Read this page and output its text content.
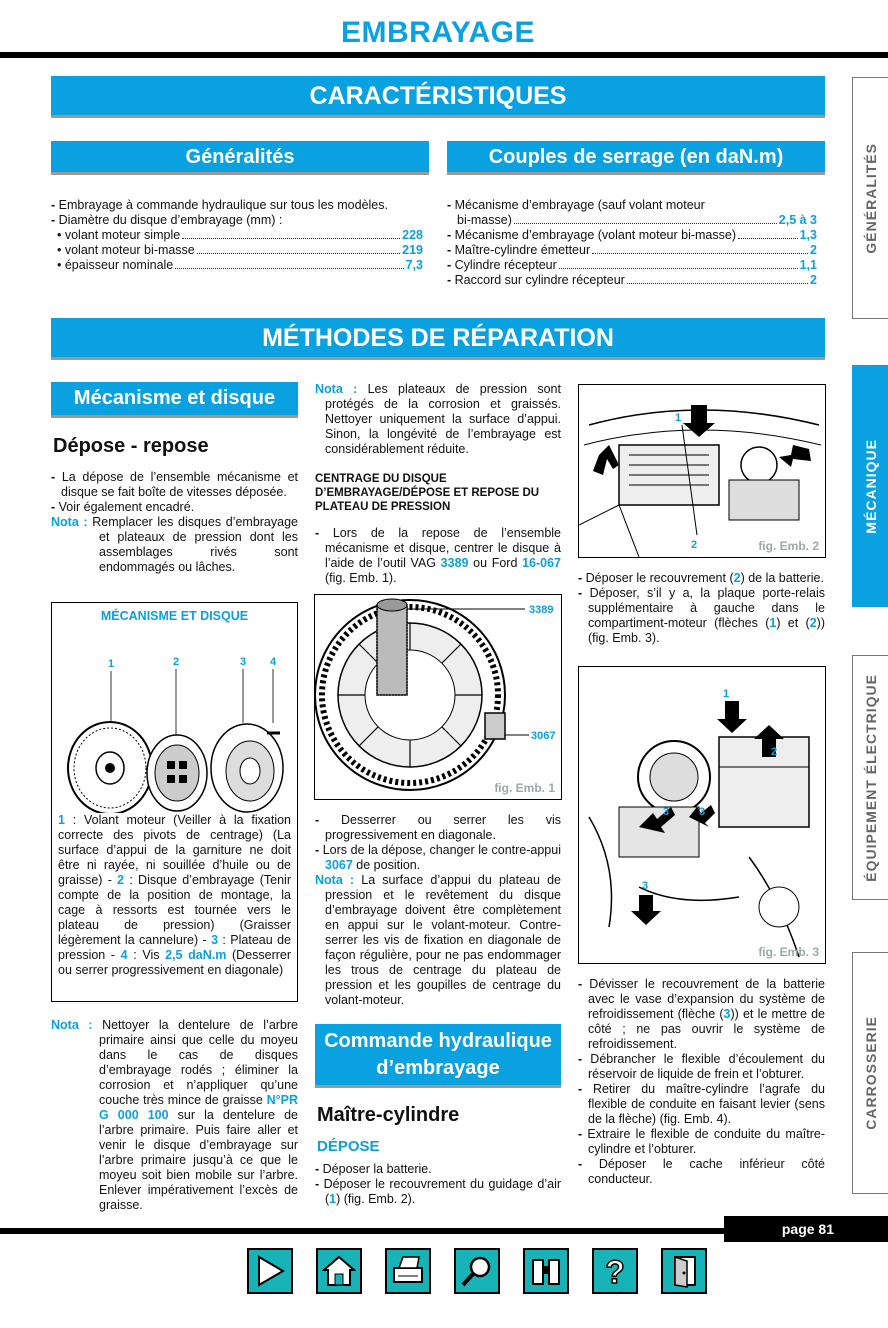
EMBRAYAGE
GÉNÉRALITÉS
MÉCANIQUE
ÉQUIPEMENT ÉLECTRIQUE
CARROSSERIE
CARACTÉRISTIQUES
Généralités	Couples de serrage (en daN.m)
- Embrayage à commande hydraulique sur tous les modèles.
- Diamètre du disque d’embrayage (mm) :
• volant moteur simple	228
• volant moteur bi-masse	219
• épaisseur nominale	7,3
- Mécanisme d’embrayage (sauf volant moteur
bi-masse)	2,5 à 3
- Mécanisme d’embrayage (volant moteur bi-masse)	1,3
- Maître-cylindre émetteur	2
- Cylindre récepteur	1,1
- Raccord sur cylindre récepteur	2
MÉTHODES DE RÉPARATION
Mécanisme et disque
Dépose - repose
- La dépose de l’ensemble mécanisme et disque se fait boîte de vitesses déposée.
- Voir également encadré.
Nota : Remplacer les disques d’embrayage et plateaux de pression dont les assemblages rivés sont endommagés ou lâches.
MÉCANISME ET DISQUE
1	2	3 4
1 : Volant moteur (Veiller à la fixation correcte des pivots de centrage) (La surface d’appui de la garniture ne doit être ni rayée, ni souillée d’huile ou de graisse) - 2 : Disque d’embrayage (Tenir compte de la position de montage, la cage à ressorts est tournée vers le plateau de pression) (Graisser légèrement la cannelure) - 3 : Plateau de pression - 4 : Vis 2,5 daN.m (Desserrer ou serrer progressivement en diagonale)
Nota : Nettoyer la dentelure de l’arbre primaire ainsi que celle du moyeu dans le cas de disques d’embrayage rodés ; éliminer la corrosion et n’appliquer qu’une couche très mince de graisse N°PR G 000 100 sur la dentelure de l’arbre primaire. Puis faire aller et venir le disque d’embrayage sur l’arbre primaire jusqu’à ce que le moyeu soit bien mobile sur l’arbre. Enlever impérativement l’excès de graisse.
Nota : Les plateaux de pression sont protégés de la corrosion et graissés. Nettoyer uniquement la surface d’appui. Sinon, la longévité de l’embrayage est considérablement réduite.
CENTRAGE DU DISQUE D’EMBRAYAGE/DÉPOSE ET REPOSE DU PLATEAU DE PRESSION
- Lors de la repose de l’ensemble mécanisme et disque, centrer le disque à l’aide de l’outil VAG 3389 ou Ford 16-067 (fig. Emb. 1).
3389
3067
fig. Emb. 1
- Desserrer ou serrer les vis progressivement en diagonale.
- Lors de la dépose, changer le contre-appui 3067 de position.
Nota : La surface d’appui du plateau de pression et le revêtement du disque d’embrayage doivent être complètement en appui sur le volant-moteur. Contre-serrer les vis de fixation en diagonale de façon régulière, pour ne pas endommager les trous de centrage du plateau de pression et les goupilles de centrage du volant-moteur.
Commande hydraulique
d’embrayage
Maître-cylindre
DÉPOSE
- Déposer la batterie.
- Déposer le recouvrement du guidage d’air (1) (fig. Emb. 2).
1
2	fig. Emb. 2
- Déposer le recouvrement (2) de la batterie.
- Déposer, s’il y a, la plaque porte-relais supplémentaire à gauche dans le compartiment-moteur (flèches (1) et (2)) (fig. Emb. 3).
1
2
3	3
3
fig. Emb. 3
- Dévisser le recouvrement de la batterie avec le vase d’expansion du système de refroidissement (flèche (3)) et le mettre de côté ; ne pas ouvrir le système de refroidissement.
- Débrancher le flexible d’écoulement du réservoir de liquide de frein et l’obturer.
- Retirer du maître-cylindre l’agrafe du flexible de conduite en faisant levier (sens de la flèche) (fig. Emb. 4).
- Extraire le flexible de conduite du maître-cylindre et l’obturer.
- Déposer le cache inférieur côté conducteur.
page 81
?
